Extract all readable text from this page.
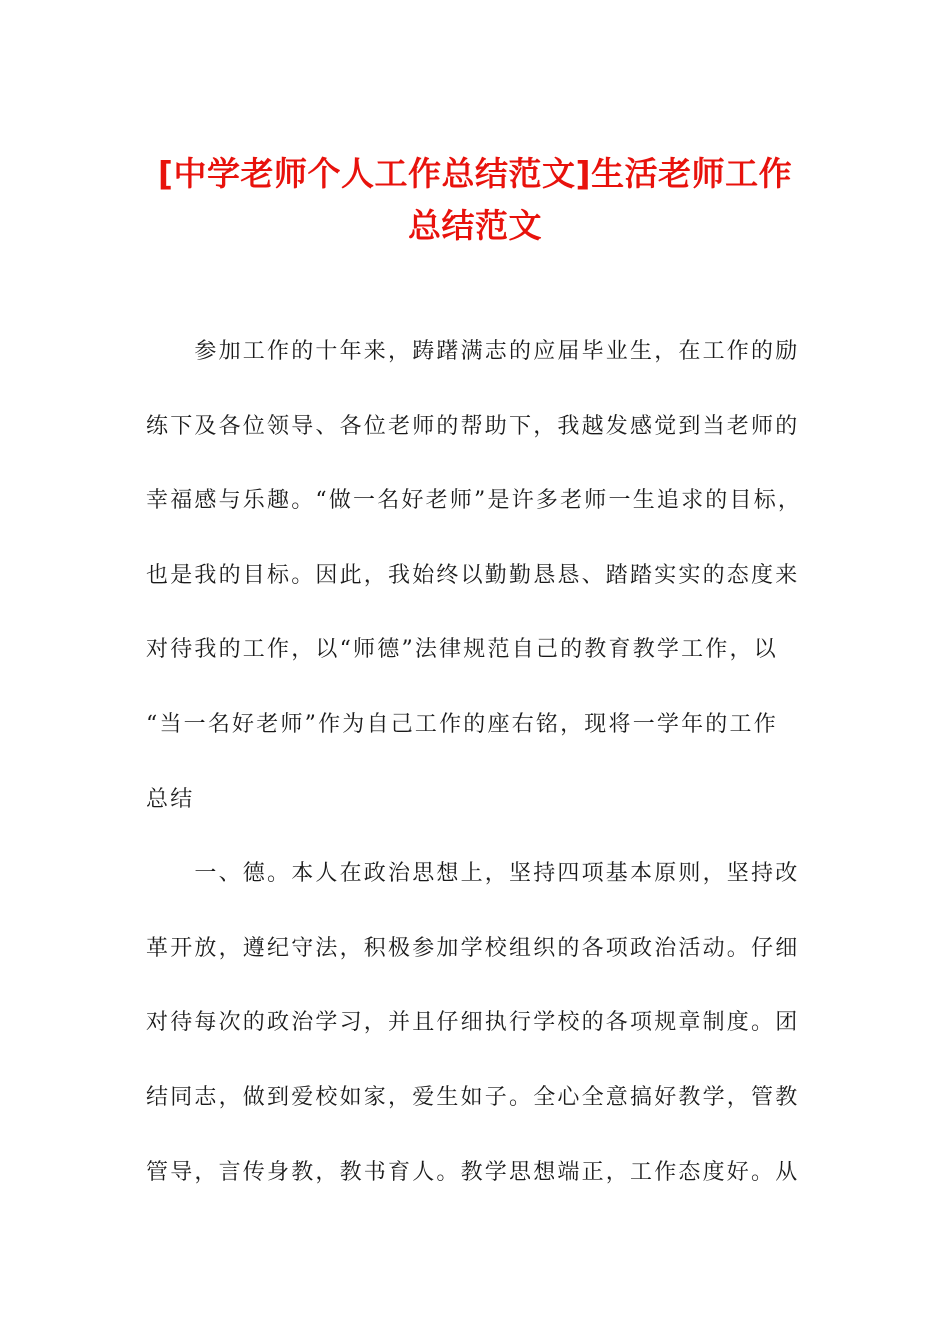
[中学老师个人工作总结范文]生活老师工作
总结范文
　　参加工作的十年来，踌躇满志的应届毕业生，在工作的励
练下及各位领导、各位老师的帮助下，我越发感觉到当老师的
幸福感与乐趣。“做一名好老师”是许多老师一生追求的目标，
也是我的目标。因此，我始终以勤勤恳恳、踏踏实实的态度来
对待我的工作，以“师德”法律规范自己的教育教学工作，以
“当一名好老师”作为自己工作的座右铭，现将一学年的工作
总结
　　一、德。本人在政治思想上，坚持四项基本原则，坚持改
革开放，遵纪守法，积极参加学校组织的各项政治活动。仔细
对待每次的政治学习，并且仔细执行学校的各项规章制度。团
结同志，做到爱校如家，爱生如子。全心全意搞好教学，管教
管导，言传身教，教书育人。教学思想端正，工作态度好。从
